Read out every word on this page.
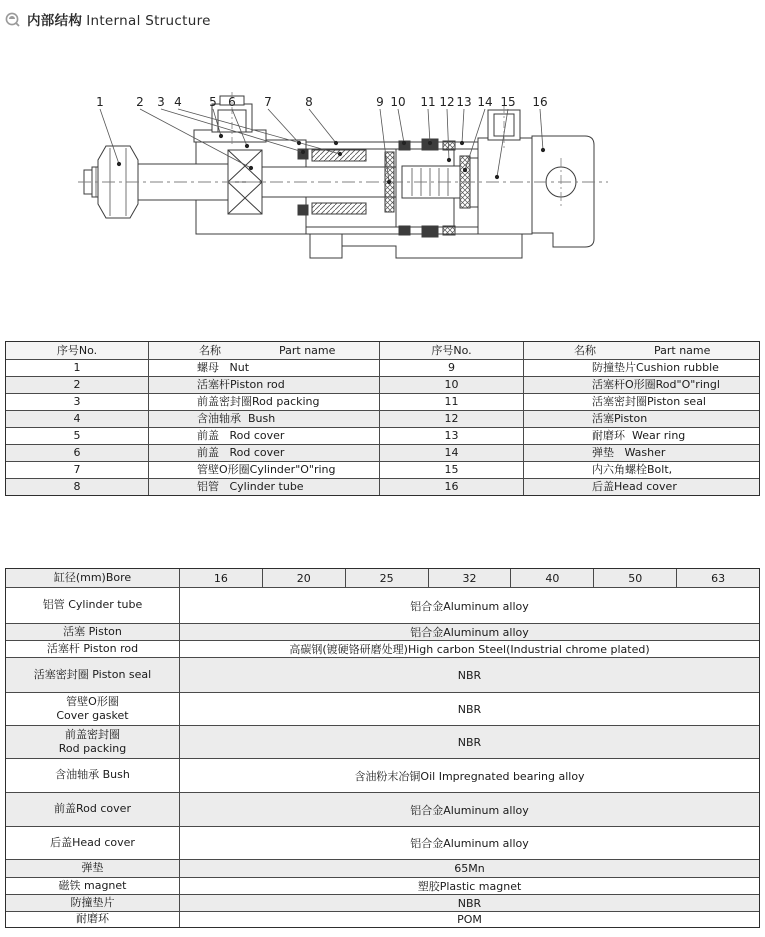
内部结构 Internal Structure
1	2 3 4 5 6 7	8	9 10 11 12 13 14 15 16
序号No.	名称	Part name	序号No.	名称	Part name
1	螺母   Nut	9	防撞垫片Cushion rubble
2	活塞杆Piston rod	10	活塞杆O形圈Rod"O"ringl
3	前盖密封圈Rod packing	11	活塞密封圈Piston seal
4	含油轴承  Bush	12	活塞Piston
5	前盖   Rod cover	13	耐磨环  Wear ring
6	前盖   Rod cover	14	弹垫   Washer
7	管壁O形圈Cylinder"O"ring	15	内六角螺栓Bolt,
8	铝管   Cylinder tube	16	后盖Head cover
缸径(mm)Bore	16	20	25	32	40	50	63
铝管 Cylinder tube	铝合金Aluminum alloy
活塞 Piston	铝合金Aluminum alloy
活塞杆 Piston rod	高碳钢(镀硬铬研磨处理)High carbon Steel(Industrial chrome plated)
活塞密封圈 Piston seal	NBR
管壁O形圈
Cover gasket	NBR
前盖密封圈
Rod packing	NBR
含油轴承 Bush	含油粉末冶铜Oil Impregnated bearing alloy
前盖Rod cover	铝合金Aluminum alloy
后盖Head cover	铝合金Aluminum alloy
弹垫	65Mn
磁铁 magnet	塑胶Plastic magnet
防撞垫片	NBR
耐磨环	POM
